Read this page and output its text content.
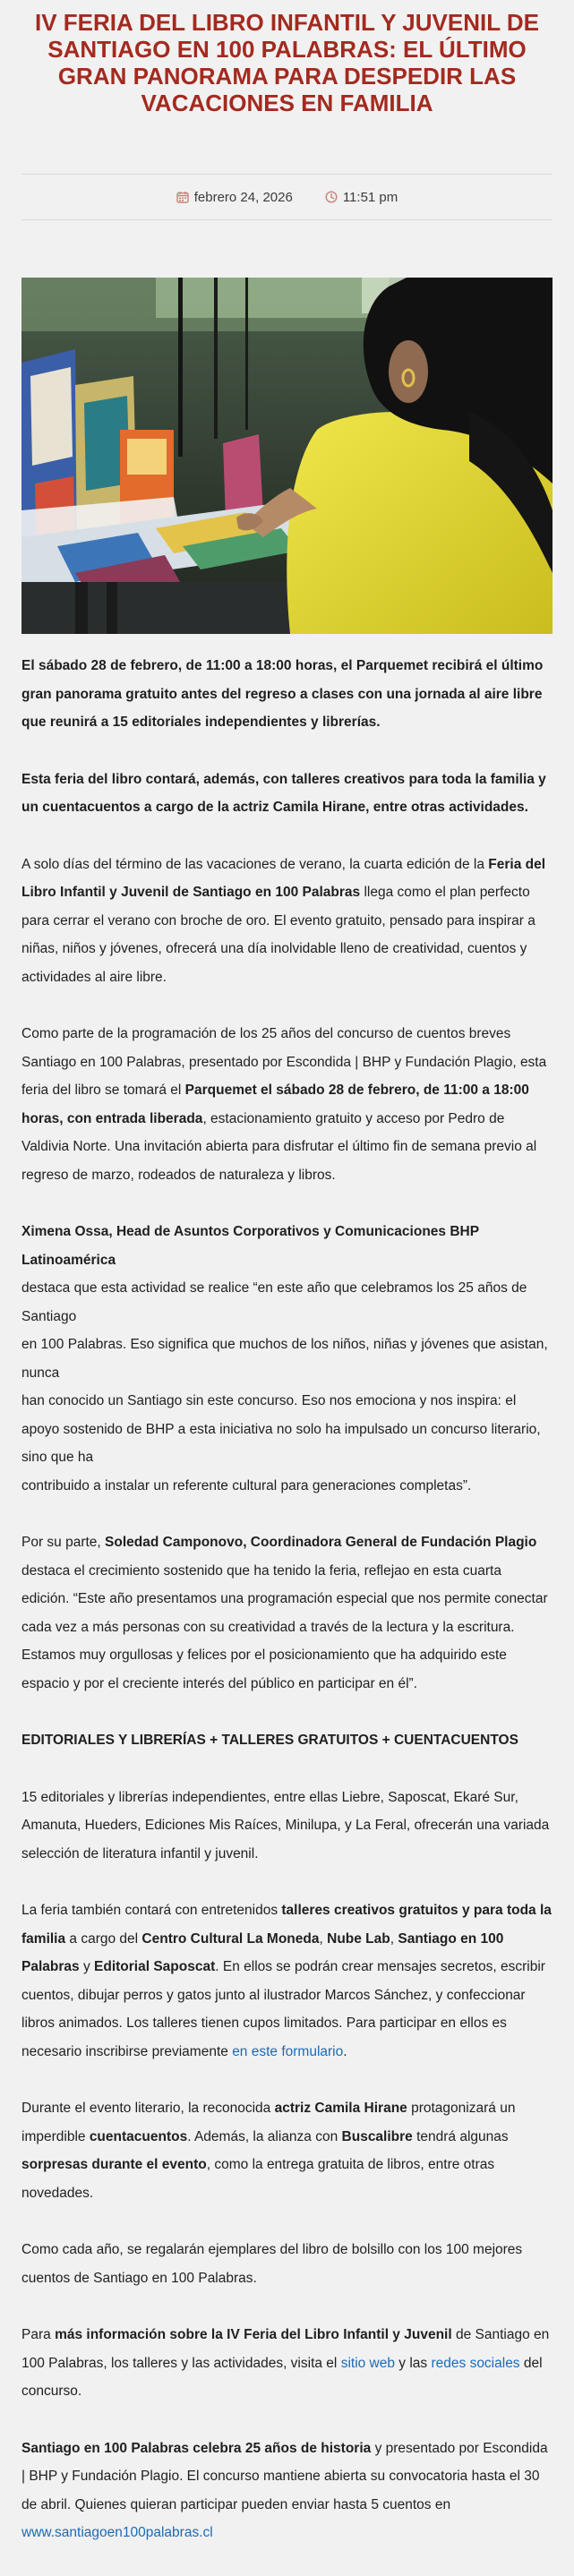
IV FERIA DEL LIBRO INFANTIL Y JUVENIL DE SANTIAGO EN 100 PALABRAS: EL ÚLTIMO GRAN PANORAMA PARA DESPEDIR LAS VACACIONES EN FAMILIA
febrero 24, 2026	11:51 pm

El sábado 28 de febrero, de 11:00 a 18:00 horas, el Parquemet recibirá el último gran panorama gratuito antes del regreso a clases con una jornada al aire libre que reunirá a 15 editoriales independientes y librerías.

Esta feria del libro contará, además, con talleres creativos para toda la familia y un cuentacuentos a cargo de la actriz Camila Hirane, entre otras actividades.

A solo días del término de las vacaciones de verano, la cuarta edición de la Feria del Libro Infantil y Juvenil de Santiago en 100 Palabras llega como el plan perfecto para cerrar el verano con broche de oro. El evento gratuito, pensado para inspirar a niñas, niños y jóvenes, ofrecerá una día inolvidable lleno de creatividad, cuentos y actividades al aire libre.

Como parte de la programación de los 25 años del concurso de cuentos breves Santiago en 100 Palabras, presentado por Escondida | BHP y Fundación Plagio, esta feria del libro se tomará el Parquemet el sábado 28 de febrero, de 11:00 a 18:00 horas, con entrada liberada, estacionamiento gratuito y acceso por Pedro de Valdivia Norte. Una invitación abierta para disfrutar el último fin de semana previo al regreso de marzo, rodeados de naturaleza y libros.

Ximena Ossa, Head de Asuntos Corporativos y Comunicaciones BHP Latinoamérica
destaca que esta actividad se realice “en este año que celebramos los 25 años de Santiago
en 100 Palabras. Eso significa que muchos de los niños, niñas y jóvenes que asistan, nunca
han conocido un Santiago sin este concurso. Eso nos emociona y nos inspira: el apoyo sostenido de BHP a esta iniciativa no solo ha impulsado un concurso literario, sino que ha
contribuido a instalar un referente cultural para generaciones completas”.

Por su parte, Soledad Camponovo, Coordinadora General de Fundación Plagio destaca el crecimiento sostenido que ha tenido la feria, reflejao en esta cuarta edición. “Este año presentamos una programación especial que nos permite conectar cada vez a más personas con su creatividad a través de la lectura y la escritura. Estamos muy orgullosas y felices por el posicionamiento que ha adquirido este espacio y por el creciente interés del público en participar en él”.

EDITORIALES Y LIBRERÍAS + TALLERES GRATUITOS + CUENTACUENTOS

15 editoriales y librerías independientes, entre ellas Liebre, Saposcat, Ekaré Sur, Amanuta, Hueders, Ediciones Mis Raíces, Minilupa, y La Feral, ofrecerán una variada selección de literatura infantil y juvenil.

La feria también contará con entretenidos talleres creativos gratuitos y para toda la familia a cargo del Centro Cultural La Moneda, Nube Lab, Santiago en 100 Palabras y Editorial Saposcat. En ellos se podrán crear mensajes secretos, escribir cuentos, dibujar perros y gatos junto al ilustrador Marcos Sánchez, y confeccionar libros animados. Los talleres tienen cupos limitados. Para participar en ellos es necesario inscribirse previamente en este formulario.

Durante el evento literario, la reconocida actriz Camila Hirane protagonizará un imperdible cuentacuentos. Además, la alianza con Buscalibre tendrá algunas sorpresas durante el evento, como la entrega gratuita de libros, entre otras novedades.

Como cada año, se regalarán ejemplares del libro de bolsillo con los 100 mejores cuentos de Santiago en 100 Palabras.

Para más información sobre la IV Feria del Libro Infantil y Juvenil de Santiago en 100 Palabras, los talleres y las actividades, visita el sitio web y las redes sociales del concurso.

Santiago en 100 Palabras celebra 25 años de historia y presentado por Escondida | BHP y Fundación Plagio. El concurso mantiene abierta su convocatoria hasta el 30 de abril. Quienes quieran participar pueden enviar hasta 5 cuentos en www.santiagoen100palabras.cl
